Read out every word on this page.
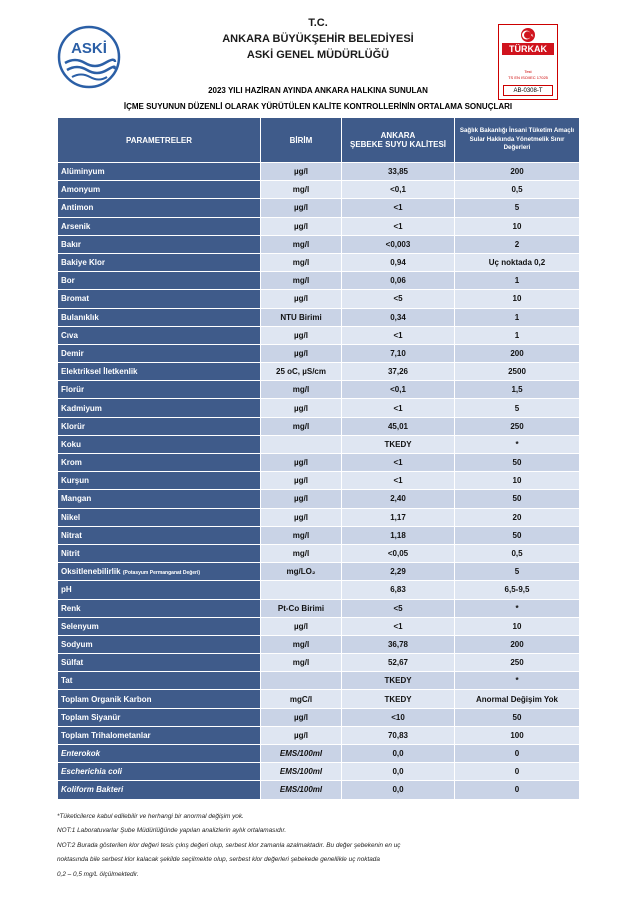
ASKİ
T.C.
ANKARA BÜYÜKŞEHİR BELEDİYESİ
ASKİ GENEL MÜDÜRLÜĞÜ	TÜRKAK
Test
TS EN ISO/IEC 17025
AB-0308-T
2023 YILI HAZİRAN AYINDA ANKARA HALKINA SUNULAN
İÇME SUYUNUN DÜZENLİ OLARAK YÜRÜTÜLEN KALİTE KONTROLLERİNİN ORTALAMA SONUÇLARI
PARAMETRELER	BİRİM	ANKARA
ŞEBEKE SUYU KALİTESİ	Sağlık Bakanlığı İnsani Tüketim Amaçlı Sular Hakkında Yönetmelik Sınır Değerleri
Alüminyum	µg/l	33,85	200
Amonyum	mg/l	<0,1	0,5
Antimon	µg/l	<1	5
Arsenik	µg/l	<1	10
Bakır	mg/l	<0,003	2
Bakiye Klor	mg/l	0,94	Uç noktada 0,2
Bor	mg/l	0,06	1
Bromat	µg/l	<5	10
Bulanıklık	NTU Birimi	0,34	1
Cıva	µg/l	<1	1
Demir	µg/l	7,10	200
Elektriksel İletkenlik	25 oC, µS/cm	37,26	2500
Florür	mg/l	<0,1	1,5
Kadmiyum	µg/l	<1	5
Klorür	mg/l	45,01	250
Koku		TKEDY	*
Krom	µg/l	<1	50
Kurşun	µg/l	<1	10
Mangan	µg/l	2,40	50
Nikel	µg/l	1,17	20
Nitrat	mg/l	1,18	50
Nitrit	mg/l	<0,05	0,5
Oksitlenebilirlik (Potasyum Permanganat Değeri)	mg/LO₂	2,29	5
pH		6,83	6,5-9,5
Renk	Pt-Co Birimi	<5	*
Selenyum	µg/l	<1	10
Sodyum	mg/l	36,78	200
Sülfat	mg/l	52,67	250
Tat		TKEDY	*
Toplam Organik Karbon	mgC/l	TKEDY	Anormal Değişim Yok
Toplam Siyanür	µg/l	<10	50
Toplam Trihalometanlar	µg/l	70,83	100
Enterokok	EMS/100ml	0,0	0
Escherichia coli	EMS/100ml	0,0	0
Koliform Bakteri	EMS/100ml	0,0	0
*Tüketicilerce kabul edilebilir ve herhangi bir anormal değişim yok.
NOT:1 Laboratuvarlar Şube Müdürlüğünde yapılan analizlerin aylık ortalamasıdır.
NOT:2 Burada gösterilen klor değeri tesis çıkış değeri olup, serbest klor zamanla azalmaktadır. Bu değer şebekenin en uç
noktasında bile serbest klor kalacak şekilde seçilmekte olup, serbest klor değerleri şebekede genellikle uç noktada
0,2 – 0,5 mg/L ölçülmektedir.
